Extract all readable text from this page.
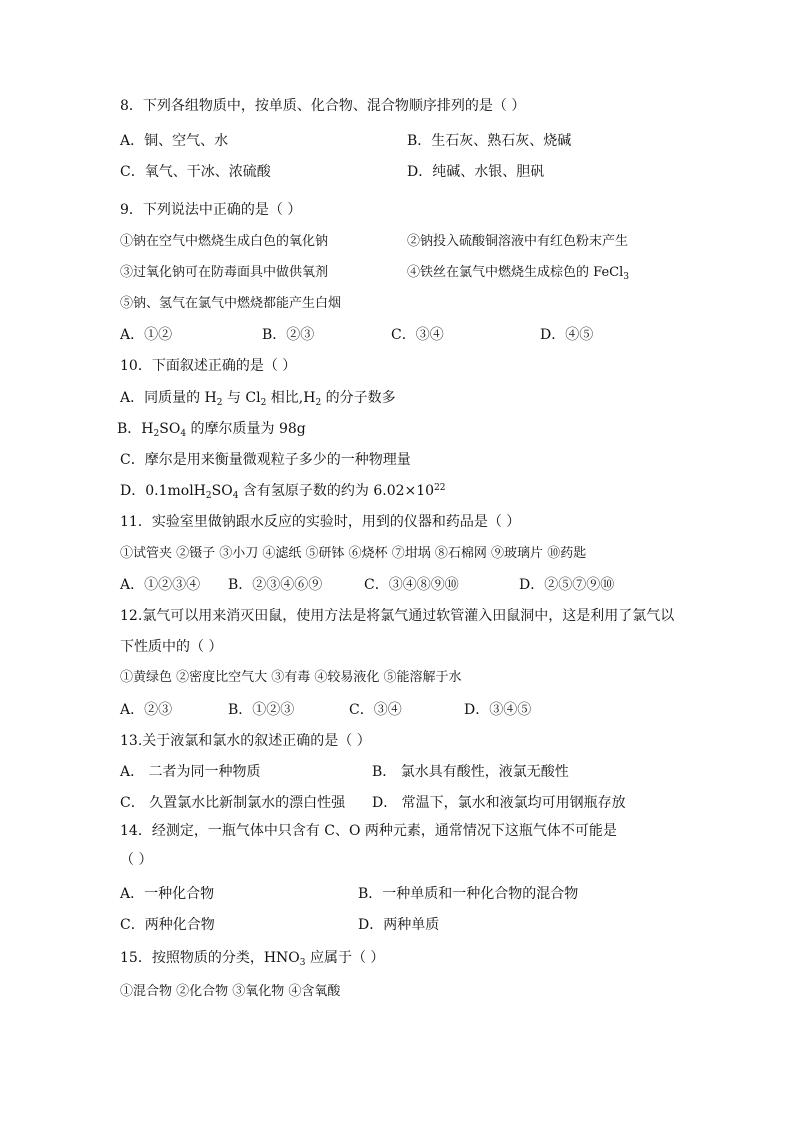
8．下列各组物质中，按单质、化合物、混合物顺序排列的是（ ）
A．铜、空气、水	B．生石灰、熟石灰、烧碱
C．氧气、干冰、浓硫酸	D．纯碱、水银、胆矾
9．下列说法中正确的是（ ）
①钠在空气中燃烧生成白色的氧化钠	②钠投入硫酸铜溶液中有红色粉末产生
③过氧化钠可在防毒面具中做供氧剂	④铁丝在氯气中燃烧生成棕色的 FeCl$_3$
⑤钠、氢气在氯气中燃烧都能产生白烟
A．①②	B．②③	C．③④	D．④⑤
10．下面叙述正确的是（ ）
A．同质量的 $H_2$ 与 $Cl_2$ 相比$,H_2$ 的分子数多
B．$H_2SO_4$ 的摩尔质量为 98g
C．摩尔是用来衡量微观粒子多少的一种物理量
D．$0.1molH_2SO_4$ 含有氢原子数的约为 $6.02\times 10^{22}$
11．实验室里做钠跟水反应的实验时，用到的仪器和药品是（ ）
①试管夹 ②镊子 ③小刀 ④滤纸 ⑤研钵 ⑥烧杯 ⑦坩埚 ⑧石棉网 ⑨玻璃片 ⑩药匙
A．①②③④ B．②③④⑥⑨	C．③④⑧⑨⑩	D．②⑤⑦⑨⑩
12.氯气可以用来消灭田鼠，使用方法是将氯气通过软管灌入田鼠洞中，这是利用了氯气以
下性质中的（ ）
①黄绿色 ②密度比空气大 ③有毒 ④较易液化 ⑤能溶解于水
A．②③	B．①②③	C．③④	D．③④⑤
13.关于液氯和氯水的叙述正确的是（ ）
A． 二者为同一种物质	B． 氯水具有酸性，液氯无酸性
C． 久置氯水比新制氯水的漂白性强 D． 常温下，氯水和液氯均可用钢瓶存放
14．经测定，一瓶气体中只含有 C、O 两种元素，通常情况下这瓶气体不可能是
（ ）
A．一种化合物	B．一种单质和一种化合物的混合物
C．两种化合物	D．两种单质
15．按照物质的分类，$HNO_3$ 应属于（ ）
①混合物 ②化合物 ③氧化物 ④含氧酸
